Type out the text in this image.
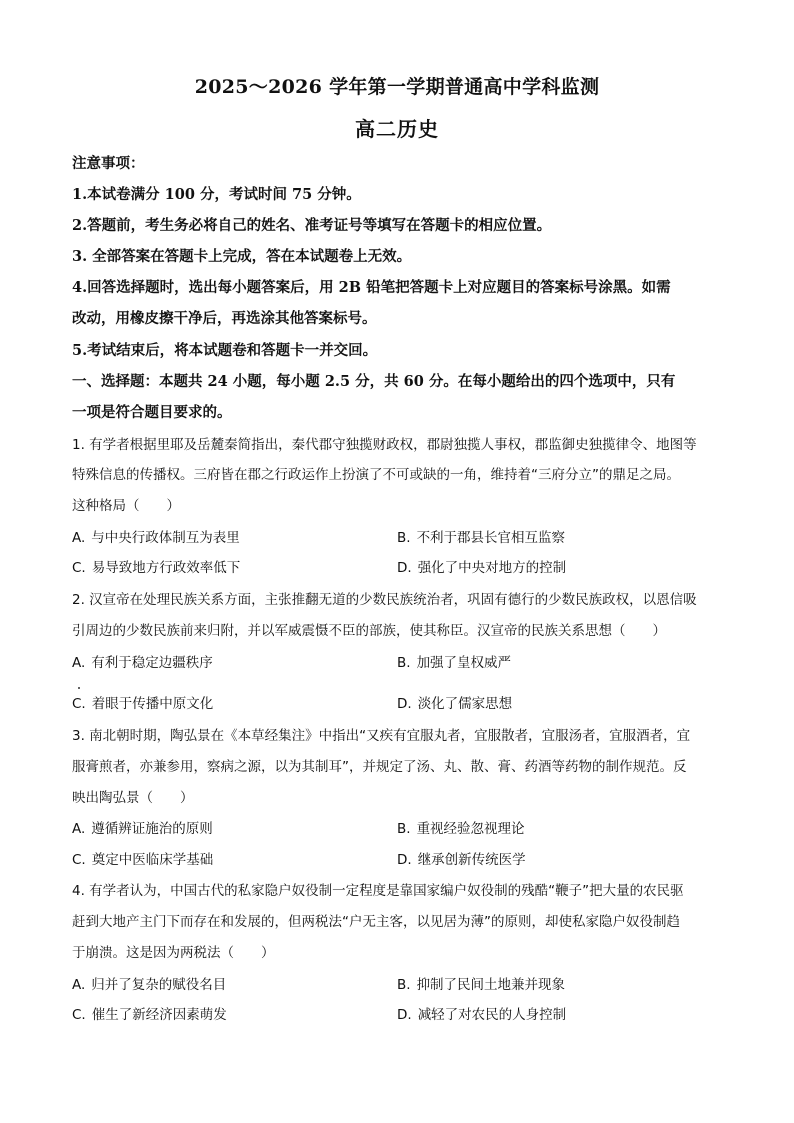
2025～2026 学年第一学期普通高中学科监测
高二历史
注意事项：
1.本试卷满分 100 分，考试时间 75 分钟。
2.答题前，考生务必将自己的姓名、准考证号等填写在答题卡的相应位置。
3. 全部答案在答题卡上完成，答在本试题卷上无效。
4.回答选择题时，选出每小题答案后，用 2B 铅笔把答题卡上对应题目的答案标号涂黑。如需
改动，用橡皮擦干净后，再选涂其他答案标号。
5.考试结束后，将本试题卷和答题卡一并交回。
一、选择题：本题共 24 小题，每小题 2.5 分，共 60 分。在每小题给出的四个选项中，只有
一项是符合题目要求的。
1. 有学者根据里耶及岳麓秦简指出，秦代郡守独揽财政权，郡尉独揽人事权，郡监御史独揽律令、地图等
特殊信息的传播权。三府皆在郡之行政运作上扮演了不可或缺的一角，维持着“三府分立”的鼎足之局。
这种格局（　　）
A. 与中央行政体制互为表里	B. 不利于郡县长官相互监察
C. 易导致地方行政效率低下	D. 强化了中央对地方的控制
2. 汉宣帝在处理民族关系方面，主张推翻无道的少数民族统治者，巩固有德行的少数民族政权，以恩信吸
引周边的少数民族前来归附，并以军威震慑不臣的部族，使其称臣。汉宣帝的民族关系思想（　　）
A. 有利于稳定边疆秩序	B. 加强了皇权威严
C. 着眼于传播中原文化	D. 淡化了儒家思想
3. 南北朝时期，陶弘景在《本草经集注》中指出“又疾有宜服丸者，宜服散者，宜服汤者，宜服酒者，宜
服膏煎者，亦兼参用，察病之源，以为其制耳”，并规定了汤、丸、散、膏、药酒等药物的制作规范。反
映出陶弘景（　　）
A. 遵循辨证施治的原则	B. 重视经验忽视理论
C. 奠定中医临床学基础	D. 继承创新传统医学
4. 有学者认为，中国古代的私家隐户奴役制一定程度是靠国家编户奴役制的残酷“鞭子”把大量的农民驱
赶到大地产主门下而存在和发展的，但两税法“户无主客，以见居为薄”的原则，却使私家隐户奴役制趋
于崩溃。这是因为两税法（　　）
A. 归并了复杂的赋役名目	B. 抑制了民间土地兼并现象
C. 催生了新经济因素萌发	D. 减轻了对农民的人身控制
